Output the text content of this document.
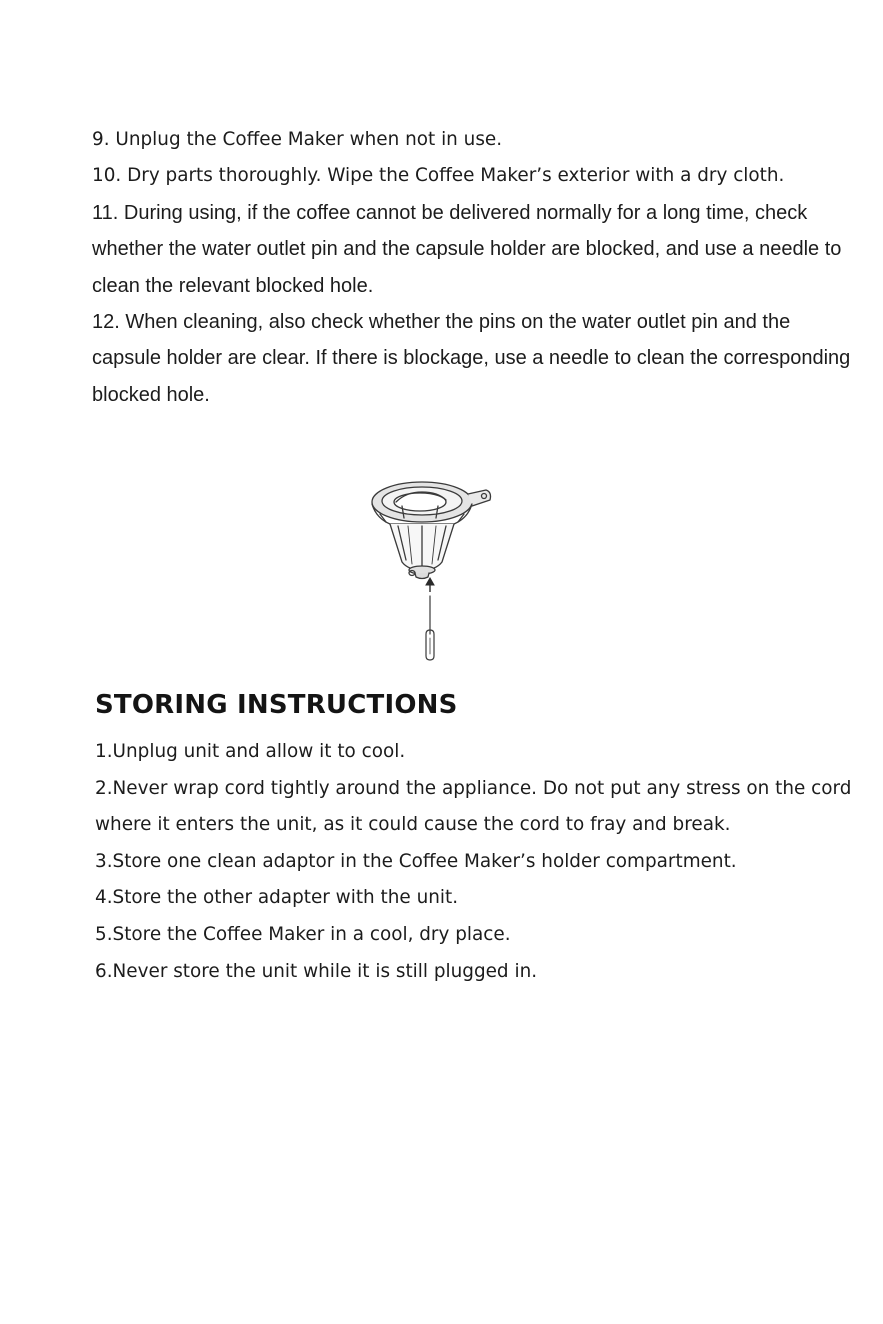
9. Unplug the Coffee Maker when not in use.

10. Dry parts thoroughly. Wipe the Coffee Maker’s exterior with a dry cloth.

11. During using, if the coffee cannot be delivered normally for a long time, check whether the water outlet pin and the capsule holder are blocked, and use a needle to clean the relevant blocked hole.

12. When cleaning, also check whether the pins on the water outlet pin and the capsule holder are clear. If there is blockage, use a needle to clean the corresponding blocked hole.

STORING INSTRUCTIONS

1.Unplug unit and allow it to cool.

2.Never wrap cord tightly around the appliance. Do not put any stress on the cord where it enters the unit, as it could cause the cord to fray and break.

3.Store one clean adaptor in the Coffee Maker’s holder compartment.

4.Store the other adapter with the unit.

5.Store the Coffee Maker in a cool, dry place.

6.Never store the unit while it is still plugged in.
